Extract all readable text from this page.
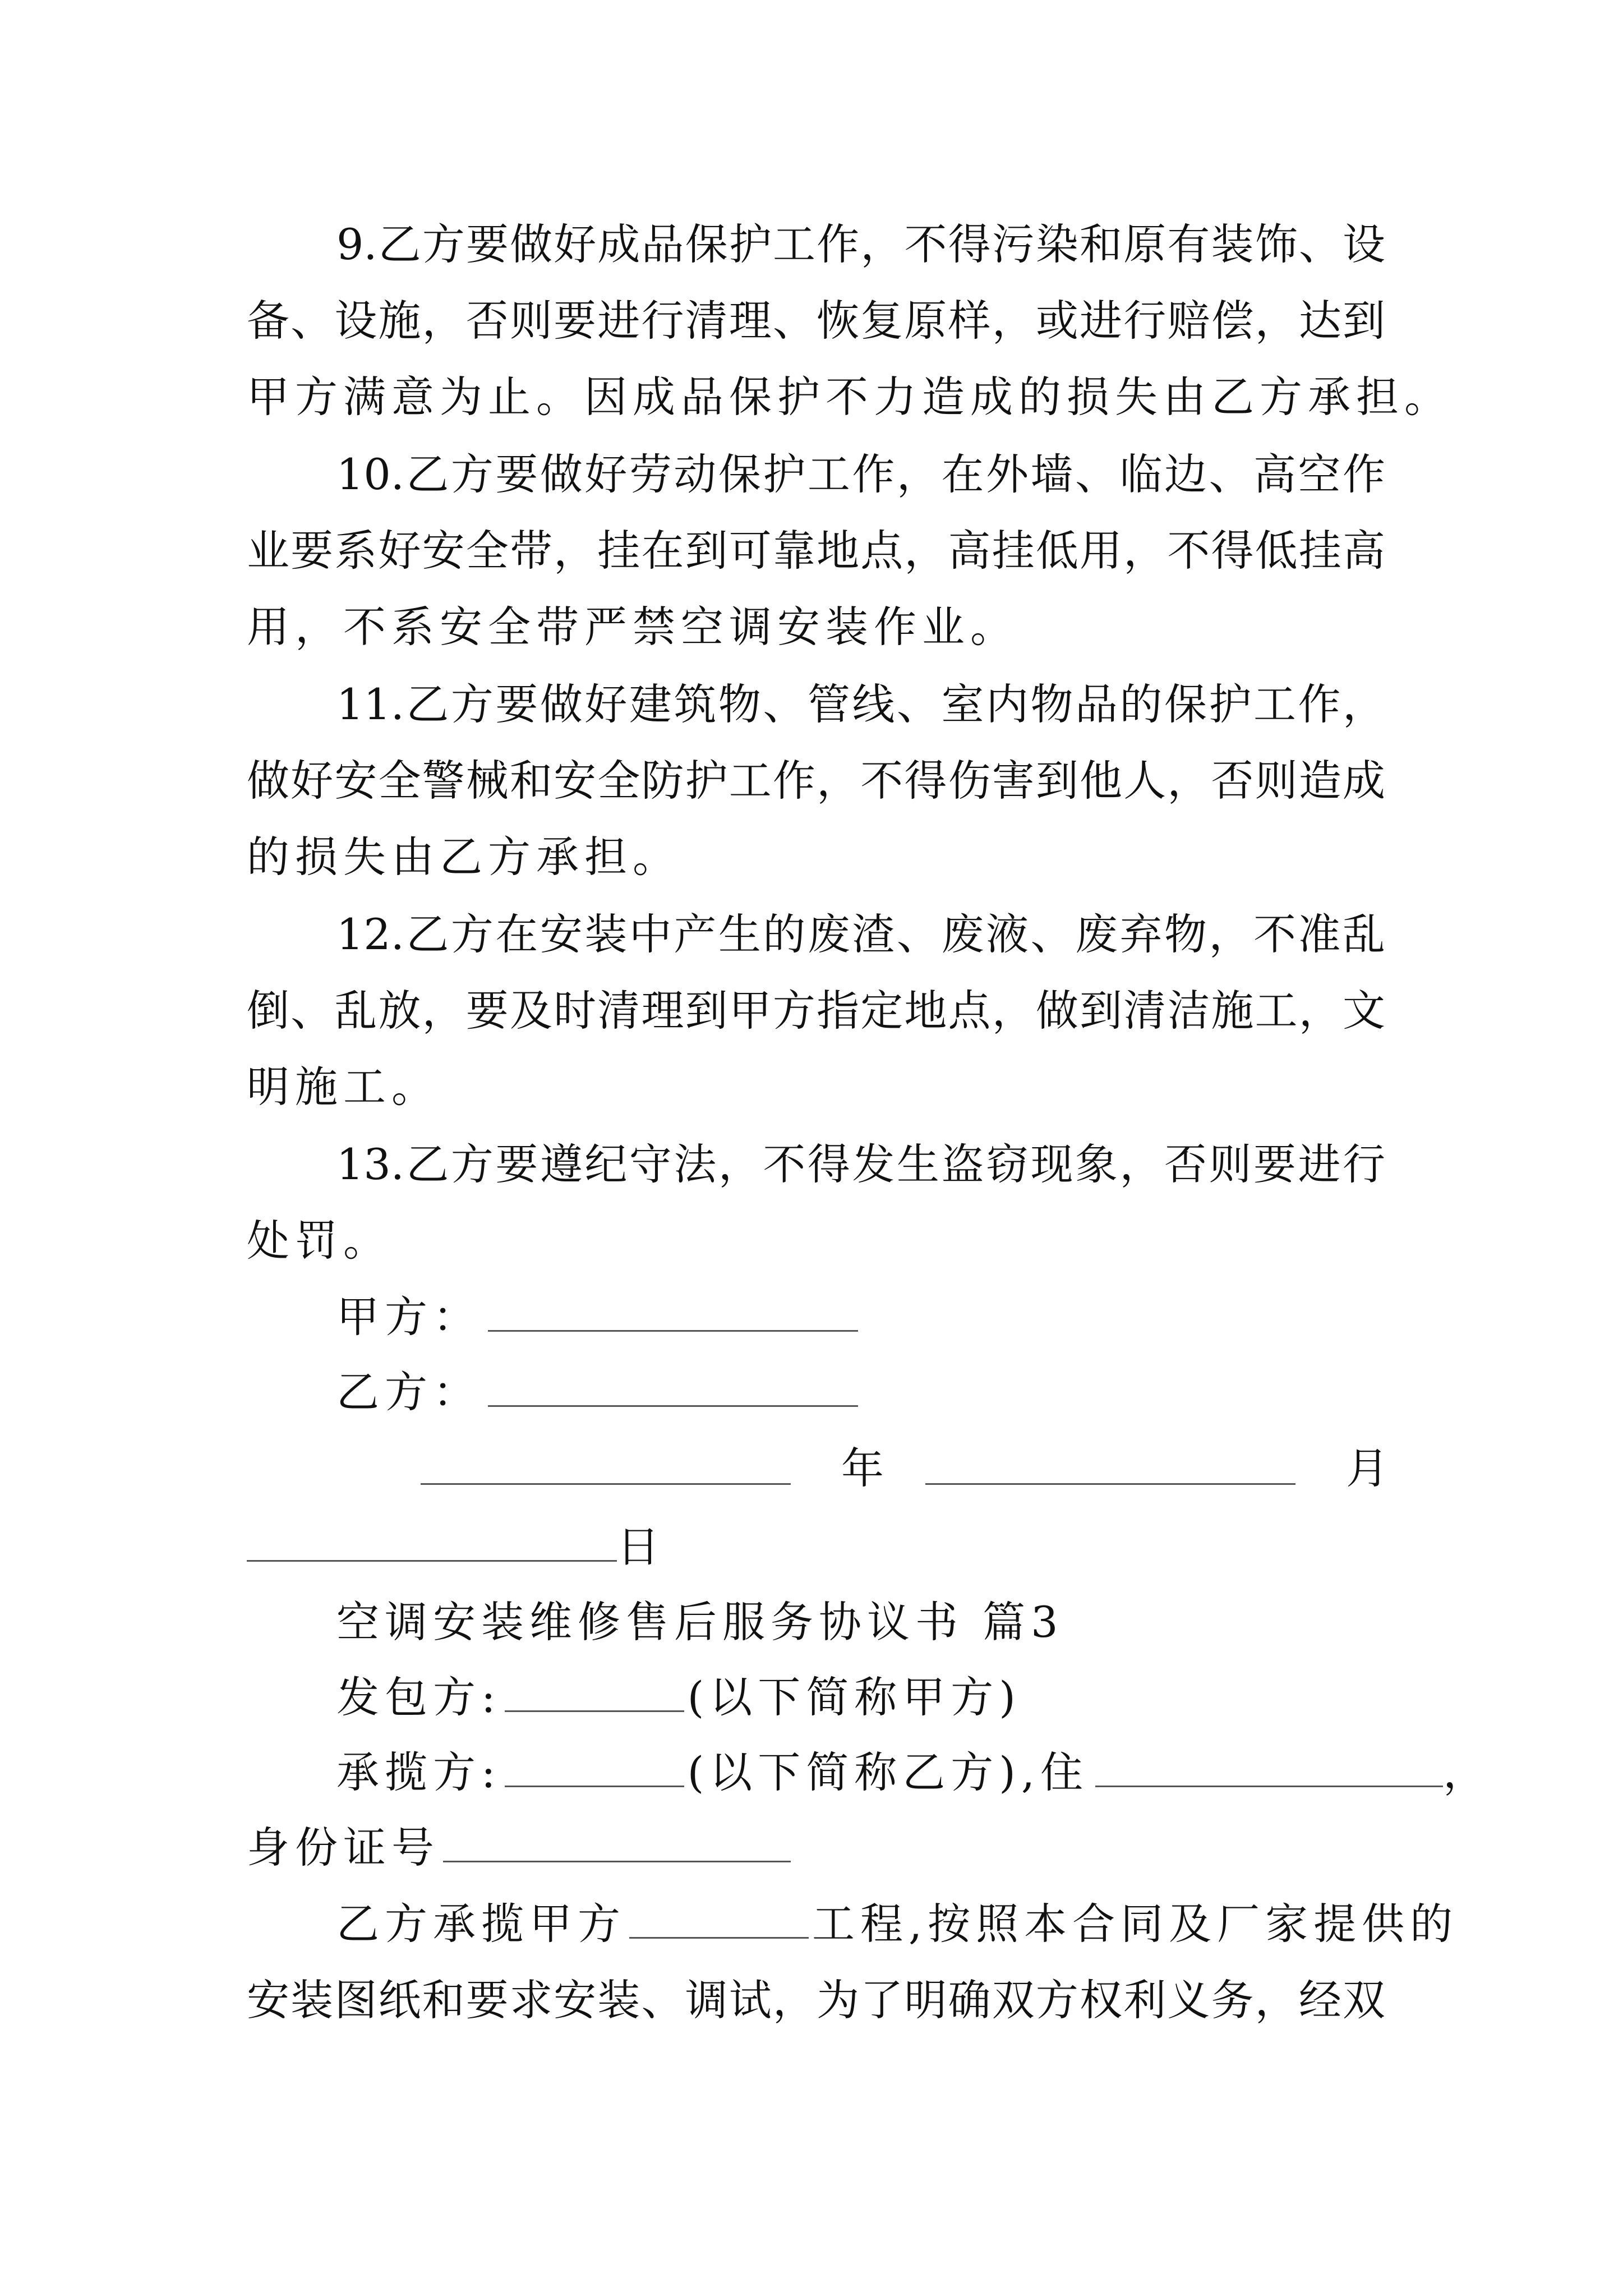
9.乙方要做好成品保护工作，不得污染和原有装饰、设
备、设施，否则要进行清理、恢复原样，或进行赔偿，达到
甲方满意为止。因成品保护不力造成的损失由乙方承担。
10.乙方要做好劳动保护工作，在外墙、临边、高空作
业要系好安全带，挂在到可靠地点，高挂低用，不得低挂高
用，不系安全带严禁空调安装作业。
11.乙方要做好建筑物、管线、室内物品的保护工作，
做好安全警械和安全防护工作，不得伤害到他人，否则造成
的损失由乙方承担。
12.乙方在安装中产生的废渣、废液、废弃物，不准乱
倒、乱放，要及时清理到甲方指定地点，做到清洁施工，文
明施工。
13.乙方要遵纪守法，不得发生盗窃现象，否则要进行
处罚。
甲方：
乙方：
年	月
日
空调安装维修售后服务协议书 篇3
发包方:	(以下简称甲方)
承揽方:	(以下简称乙方),住	，
身份证号
乙方承揽甲方	工程,按照本合同及厂家提供的
安装图纸和要求安装、调试，为了明确双方权利义务，经双
